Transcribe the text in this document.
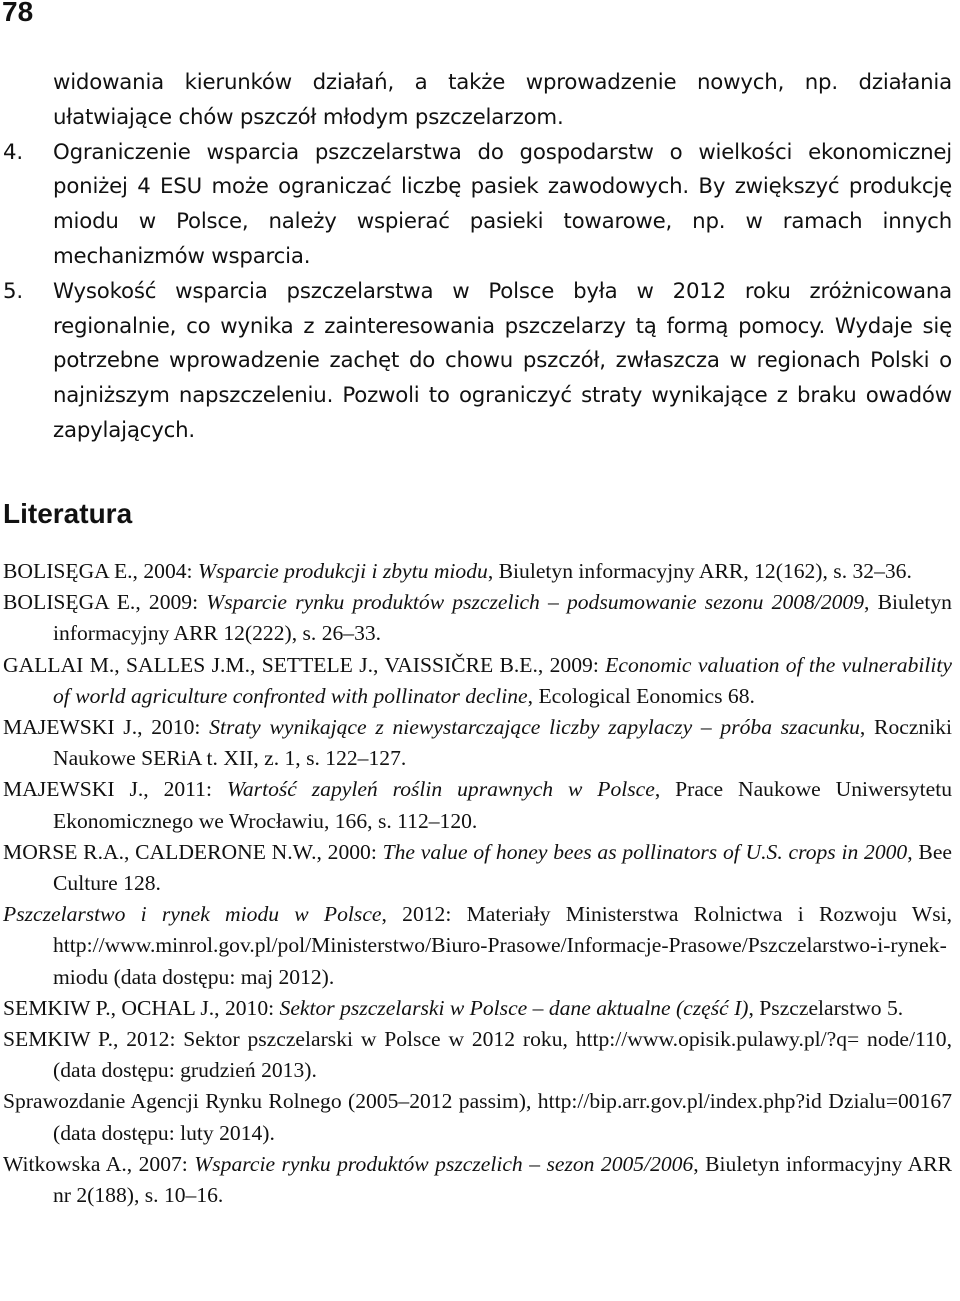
78
widowania kierunków działań, a także wprowadzenie nowych, np. działania ułatwiające chów pszczół młodym pszczelarzom.
4. Ograniczenie wsparcia pszczelarstwa do gospodarstw o wielkości ekonomicznej poniżej 4 ESU może ograniczać liczbę pasiek zawodowych. By zwiększyć produkcję miodu w Polsce, należy wspierać pasieki towarowe, np. w ramach innych mechanizmów wsparcia.
5. Wysokość wsparcia pszczelarstwa w Polsce była w 2012 roku zróżnicowana regionalnie, co wynika z zainteresowania pszczelarzy tą formą pomocy. Wydaje się potrzebne wprowadzenie zachęt do chowu pszczół, zwłaszcza w regionach Polski o najniższym napszczeleniu. Pozwoli to ograniczyć straty wynikające z braku owadów zapylających.
Literatura
BOLISĘGA E., 2004: Wsparcie produkcji i zbytu miodu, Biuletyn informacyjny ARR, 12(162), s. 32–36.
BOLISĘGA E., 2009: Wsparcie rynku produktów pszczelich – podsumowanie sezonu 2008/2009, Biuletyn informacyjny ARR 12(222), s. 26–33.
GALLAI M., SALLES J.M., SETTELE J., VAISSIČRE B.E., 2009: Economic valuation of the vulnerability of world agriculture confronted with pollinator decline, Ecological Eonomics 68.
MAJEWSKI J., 2010: Straty wynikające z niewystarczające liczby zapylaczy – próba szacunku, Roczniki Naukowe SERiA t. XII, z. 1, s. 122–127.
MAJEWSKI J., 2011: Wartość zapyleń roślin uprawnych w Polsce, Prace Naukowe Uniwersytetu Ekonomicznego we Wrocławiu, 166, s. 112–120.
MORSE R.A., CALDERONE N.W., 2000: The value of honey bees as pollinators of U.S. crops in 2000, Bee Culture 128.
Pszczelarstwo i rynek miodu w Polsce, 2012: Materiały Ministerstwa Rolnictwa i Rozwoju Wsi, http://www.minrol.gov.pl/pol/Ministerstwo/Biuro-Prasowe/Informacje-Prasowe/Pszczelarstwo-i-rynek-miodu (data dostępu: maj 2012).
SEMKIW P., OCHAL J., 2010: Sektor pszczelarski w Polsce – dane aktualne (część I), Pszczelarstwo 5.
SEMKIW P., 2012: Sektor pszczelarski w Polsce w 2012 roku, http://www.opisik.pulawy.pl/?q= node/110, (data dostępu: grudzień 2013).
Sprawozdanie Agencji Rynku Rolnego (2005–2012 passim), http://bip.arr.gov.pl/index.php?id Dzialu=00167 (data dostępu: luty 2014).
Witkowska A., 2007: Wsparcie rynku produktów pszczelich – sezon 2005/2006, Biuletyn informacyjny ARR nr 2(188), s. 10–16.
